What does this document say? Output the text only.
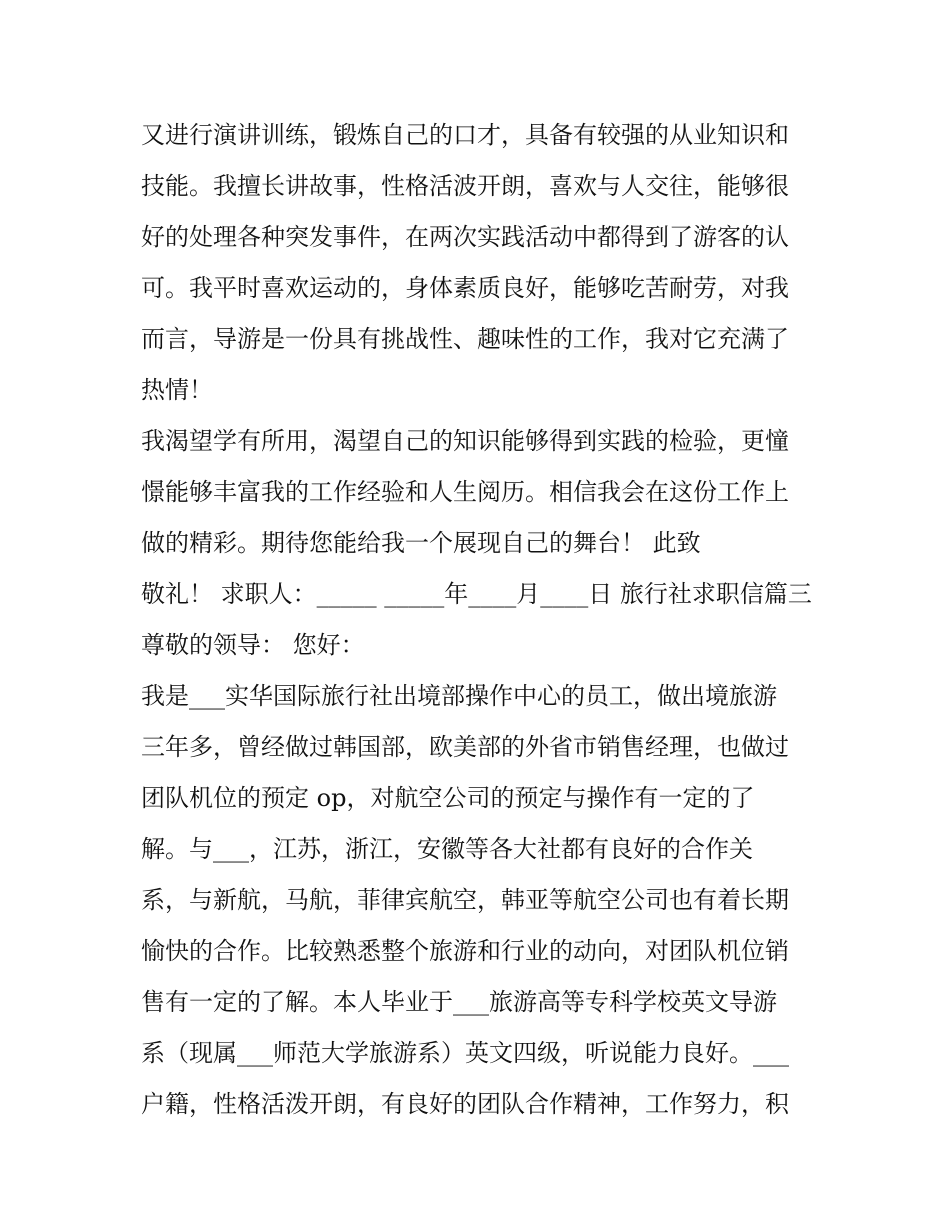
又进行演讲训练，锻炼自己的口才，具备有较强的从业知识和
技能。我擅长讲故事，性格活波开朗，喜欢与人交往，能够很
好的处理各种突发事件，在两次实践活动中都得到了游客的认
可。我平时喜欢运动的，身体素质良好，能够吃苦耐劳，对我
而言，导游是一份具有挑战性、趣味性的工作，我对它充满了
热情！
我渴望学有所用，渴望自己的知识能够得到实践的检验，更憧
憬能够丰富我的工作经验和人生阅历。相信我会在这份工作上
做的精彩。期待您能给我一个展现自己的舞台！ 此致
敬礼！ 求职人：_____ _____年____月____日 旅行社求职信篇三
尊敬的领导： 您好：
我是___实华国际旅行社出境部操作中心的员工，做出境旅游
三年多，曾经做过韩国部，欧美部的外省市销售经理，也做过
团队机位的预定 op，对航空公司的预定与操作有一定的了
解。与___，江苏，浙江，安徽等各大社都有良好的合作关
系，与新航，马航，菲律宾航空，韩亚等航空公司也有着长期
愉快的合作。比较熟悉整个旅游和行业的动向，对团队机位销
售有一定的了解。本人毕业于___旅游高等专科学校英文导游
系（现属___师范大学旅游系）英文四级，听说能力良好。___
户籍，性格活泼开朗，有良好的团队合作精神，工作努力，积
